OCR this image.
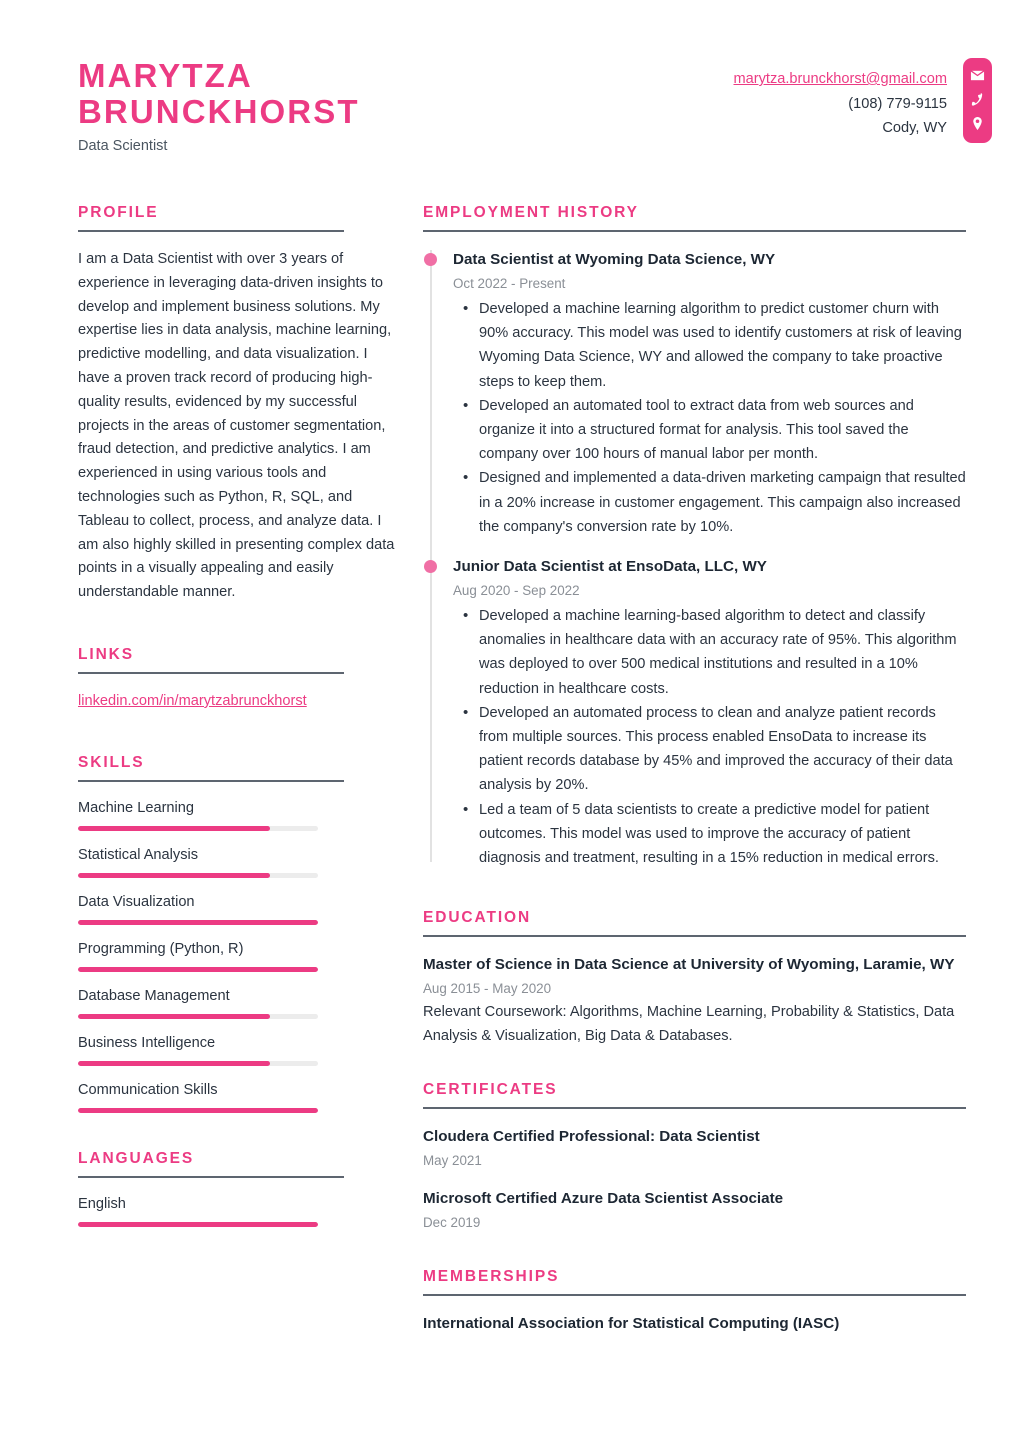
MARYTZA
BRUNCKHORST
Data Scientist
marytza.brunckhorst@gmail.com
(108) 779-9115
Cody, WY
PROFILE
I am a Data Scientist with over 3 years of experience in leveraging data-driven insights to develop and implement business solutions. My expertise lies in data analysis, machine learning, predictive modelling, and data visualization. I have a proven track record of producing high-quality results, evidenced by my successful projects in the areas of customer segmentation, fraud detection, and predictive analytics. I am experienced in using various tools and technologies such as Python, R, SQL, and Tableau to collect, process, and analyze data. I am also highly skilled in presenting complex data points in a visually appealing and easily understandable manner.
LINKS
linkedin.com/in/marytzabrunckhorst
SKILLS
Machine Learning
Statistical Analysis
Data Visualization
Programming (Python, R)
Database Management
Business Intelligence
Communication Skills
LANGUAGES
English
EMPLOYMENT HISTORY
Data Scientist at Wyoming Data Science, WY
Oct 2022 - Present
• Developed a machine learning algorithm to predict customer churn with 90% accuracy. This model was used to identify customers at risk of leaving Wyoming Data Science, WY and allowed the company to take proactive steps to keep them.
• Developed an automated tool to extract data from web sources and organize it into a structured format for analysis. This tool saved the company over 100 hours of manual labor per month.
• Designed and implemented a data-driven marketing campaign that resulted in a 20% increase in customer engagement. This campaign also increased the company's conversion rate by 10%.
Junior Data Scientist at EnsoData, LLC, WY
Aug 2020 - Sep 2022
• Developed a machine learning-based algorithm to detect and classify anomalies in healthcare data with an accuracy rate of 95%. This algorithm was deployed to over 500 medical institutions and resulted in a 10% reduction in healthcare costs.
• Developed an automated process to clean and analyze patient records from multiple sources. This process enabled EnsoData to increase its patient records database by 45% and improved the accuracy of their data analysis by 20%.
• Led a team of 5 data scientists to create a predictive model for patient outcomes. This model was used to improve the accuracy of patient diagnosis and treatment, resulting in a 15% reduction in medical errors.
EDUCATION
Master of Science in Data Science at University of Wyoming, Laramie, WY
Aug 2015 - May 2020
Relevant Coursework: Algorithms, Machine Learning, Probability & Statistics, Data Analysis & Visualization, Big Data & Databases.
CERTIFICATES
Cloudera Certified Professional: Data Scientist
May 2021
Microsoft Certified Azure Data Scientist Associate
Dec 2019
MEMBERSHIPS
International Association for Statistical Computing (IASC)
